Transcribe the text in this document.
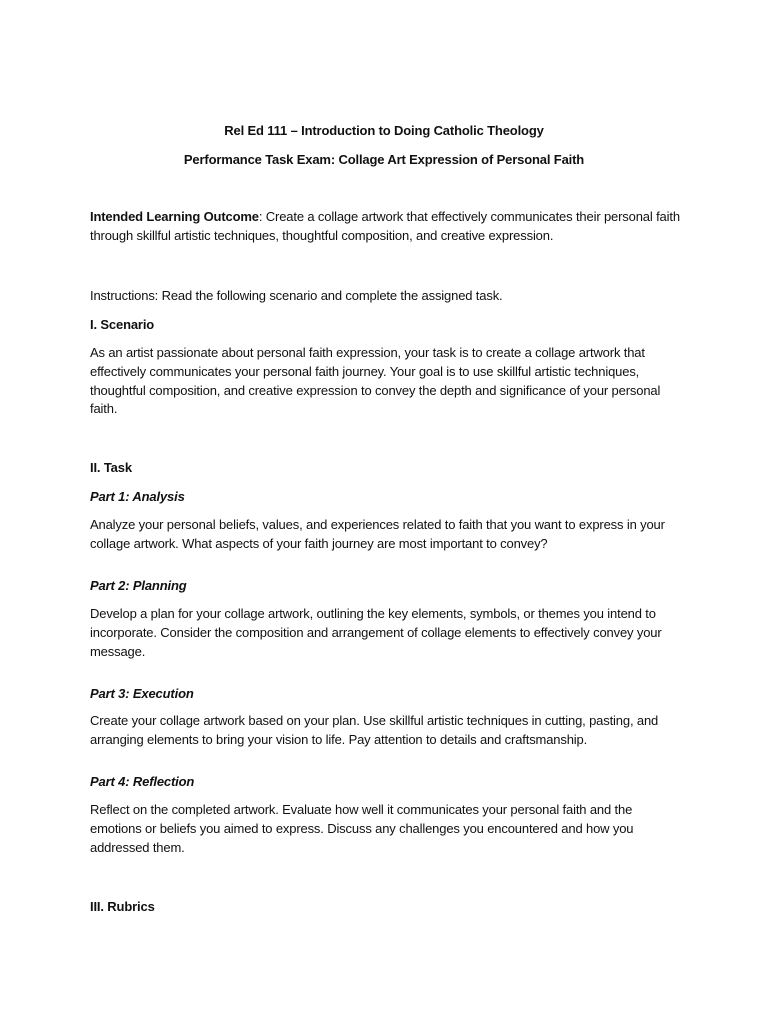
Rel Ed 111 – Introduction to Doing Catholic Theology
Performance Task Exam: Collage Art Expression of Personal Faith
Intended Learning Outcome: Create a collage artwork that effectively communicates their personal faith through skillful artistic techniques, thoughtful composition, and creative expression.
Instructions: Read the following scenario and complete the assigned task.
I. Scenario
As an artist passionate about personal faith expression, your task is to create a collage artwork that effectively communicates your personal faith journey. Your goal is to use skillful artistic techniques, thoughtful composition, and creative expression to convey the depth and significance of your personal faith.
II. Task
Part 1: Analysis
Analyze your personal beliefs, values, and experiences related to faith that you want to express in your collage artwork. What aspects of your faith journey are most important to convey?
Part 2: Planning
Develop a plan for your collage artwork, outlining the key elements, symbols, or themes you intend to incorporate. Consider the composition and arrangement of collage elements to effectively convey your message.
Part 3: Execution
Create your collage artwork based on your plan. Use skillful artistic techniques in cutting, pasting, and arranging elements to bring your vision to life. Pay attention to details and craftsmanship.
Part 4: Reflection
Reflect on the completed artwork. Evaluate how well it communicates your personal faith and the emotions or beliefs you aimed to express. Discuss any challenges you encountered and how you addressed them.
III. Rubrics
